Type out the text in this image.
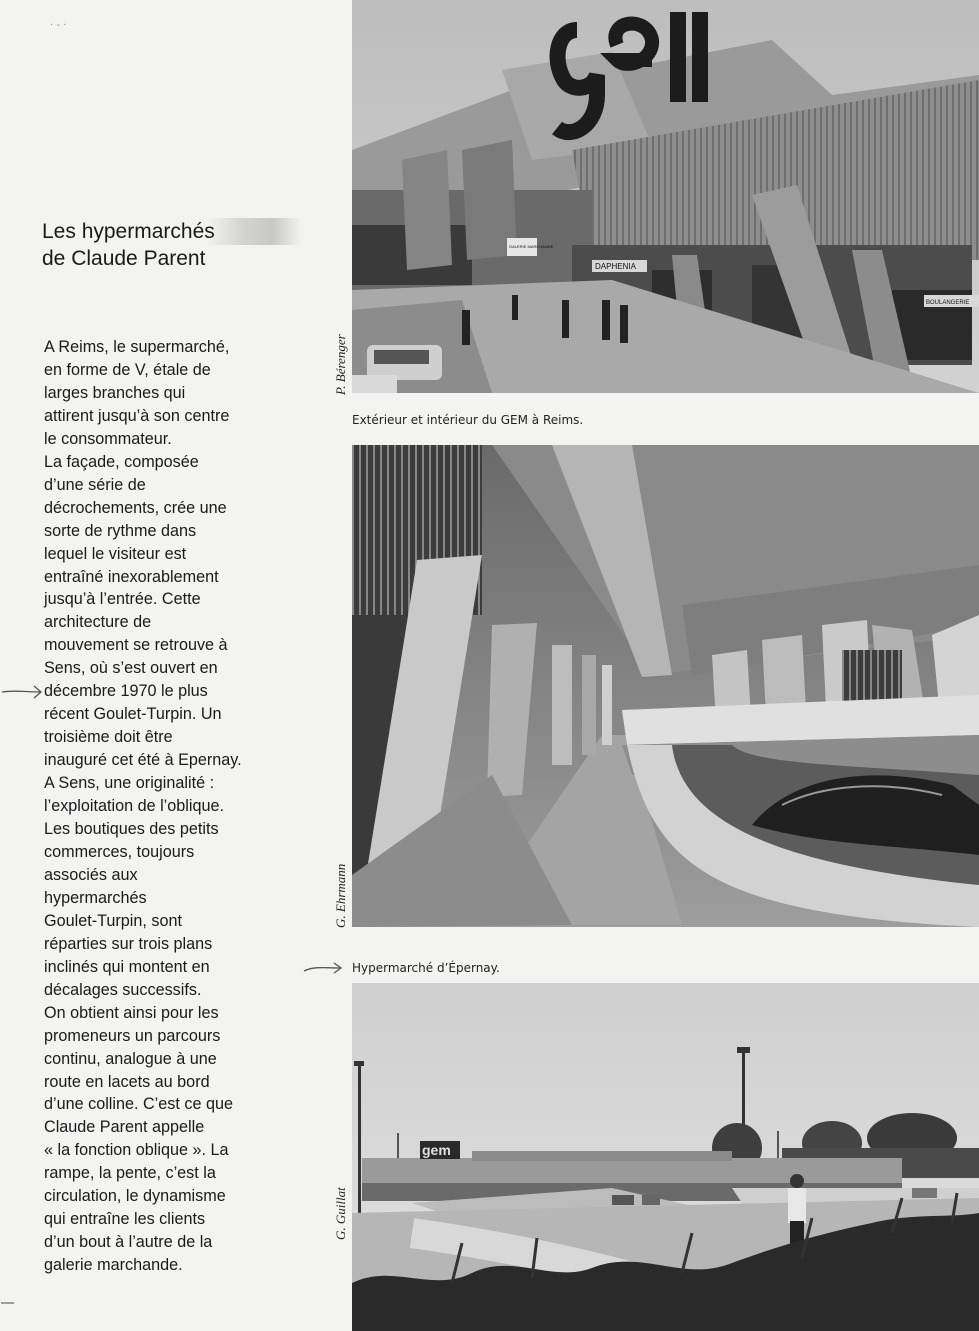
· ‐ ·
Les hypermarchés
de Claude Parent
A Reims, le supermarché,
en forme de V, étale de
larges branches qui
attirent jusqu’à son centre
le consommateur.
La façade, composée
d’une série de
décrochements, crée une
sorte de rythme dans
lequel le visiteur est
entraîné inexorablement
jusqu’à l’entrée. Cette
architecture de
mouvement se retrouve à
Sens, où s’est ouvert en
décembre 1970 le plus
récent Goulet-Turpin. Un
troisième doit être
inauguré cet été à Epernay.
A Sens, une originalité :
l’exploitation de l’oblique.
Les boutiques des petits
commerces, toujours
associés aux
hypermarchés
Goulet-Turpin, sont
réparties sur trois plans
inclinés qui montent en
décalages successifs.
On obtient ainsi pour les
promeneurs un parcours
continu, analogue à une
route en lacets au bord
d’une colline. C’est ce que
Claude Parent appelle
« la fonction oblique ». La
rampe, la pente, c’est la
circulation, le dynamisme
qui entraîne les clients
d’un bout à l’autre de la
galerie marchande.
gem
GALERIE MARCHANDE
DAPHENIA
BOULANGERIE
P. Bérenger
Extérieur et intérieur du GEM à Reims.
G. Ehrmann
Hypermarché d’Épernay.
gem
G. Guillat
